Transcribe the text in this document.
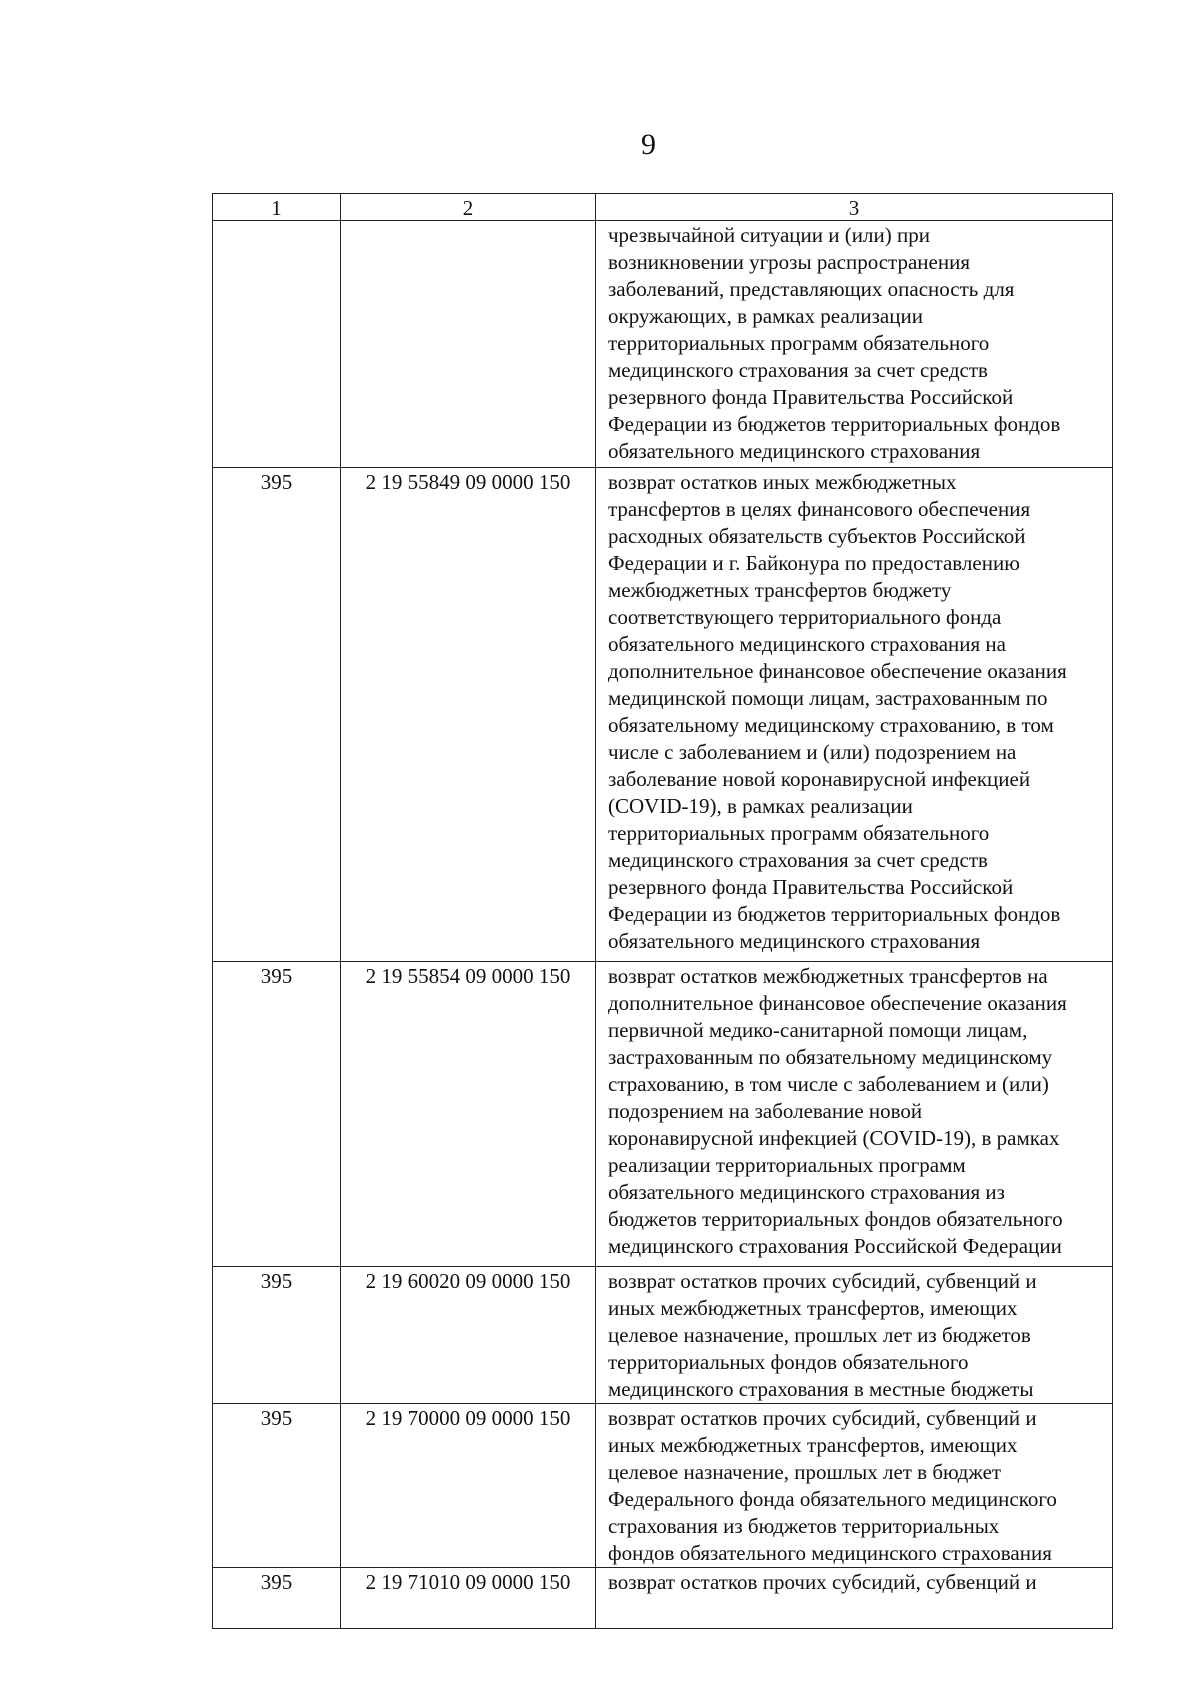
9
1	2	3
чрезвычайной ситуации и (или) при
возникновении угрозы распространения
заболеваний, представляющих опасность для
окружающих, в рамках реализации
территориальных программ обязательного
медицинского страхования за счет средств
резервного фонда Правительства Российской
Федерации из бюджетов территориальных фондов
обязательного медицинского страхования
395	2 19 55849 09 0000 150	возврат остатков иных межбюджетных
трансфертов в целях финансового обеспечения
расходных обязательств субъектов Российской
Федерации и г. Байконура по предоставлению
межбюджетных трансфертов бюджету
соответствующего территориального фонда
обязательного медицинского страхования на
дополнительное финансовое обеспечение оказания
медицинской помощи лицам, застрахованным по
обязательному медицинскому страхованию, в том
числе с заболеванием и (или) подозрением на
заболевание новой коронавирусной инфекцией
(COVID-19), в рамках реализации
территориальных программ обязательного
медицинского страхования за счет средств
резервного фонда Правительства Российской
Федерации из бюджетов территориальных фондов
обязательного медицинского страхования
395	2 19 55854 09 0000 150	возврат остатков межбюджетных трансфертов на
дополнительное финансовое обеспечение оказания
первичной медико-санитарной помощи лицам,
застрахованным по обязательному медицинскому
страхованию, в том числе с заболеванием и (или)
подозрением на заболевание новой
коронавирусной инфекцией (COVID-19), в рамках
реализации территориальных программ
обязательного медицинского страхования из
бюджетов территориальных фондов обязательного
медицинского страхования Российской Федерации
395	2 19 60020 09 0000 150	возврат остатков прочих субсидий, субвенций и
иных межбюджетных трансфертов, имеющих
целевое назначение, прошлых лет из бюджетов
территориальных фондов обязательного
медицинского страхования в местные бюджеты
395	2 19 70000 09 0000 150	возврат остатков прочих субсидий, субвенций и
иных межбюджетных трансфертов, имеющих
целевое назначение, прошлых лет в бюджет
Федерального фонда обязательного медицинского
страхования из бюджетов территориальных
фондов обязательного медицинского страхования
395	2 19 71010 09 0000 150	возврат остатков прочих субсидий, субвенций и
